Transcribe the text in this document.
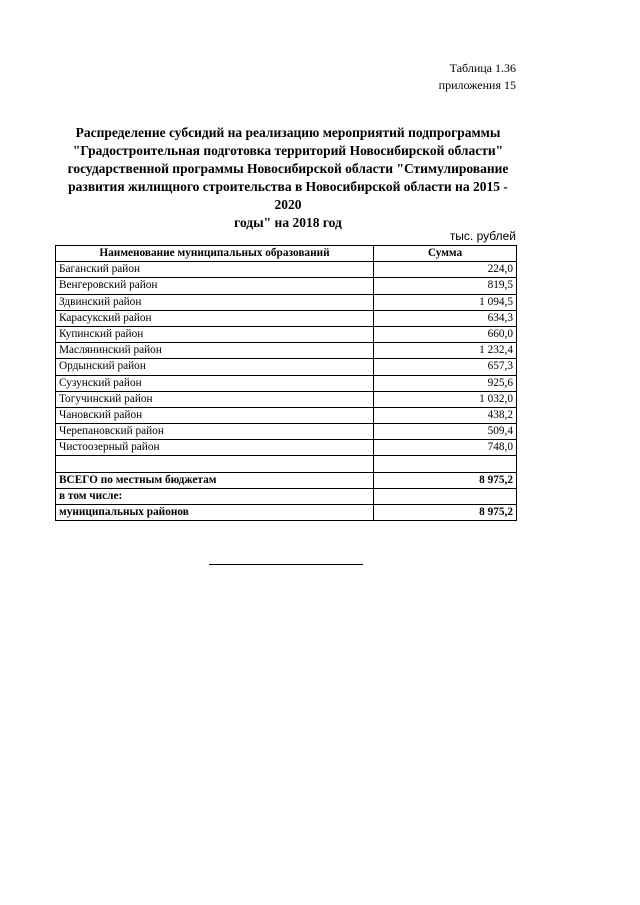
Таблица 1.36
приложения 15
Распределение субсидий на реализацию мероприятий подпрограммы
"Градостроительная подготовка территорий Новосибирской области"
государственной программы Новосибирской области "Стимулирование
развития жилищного строительства в Новосибирской области на 2015 - 2020
годы" на 2018 год
тыс. рублей
Наименование муниципальных образований	Сумма
Баганский район	224,0
Венгеровский район	819,5
Здвинский район	1 094,5
Карасукский район	634,3
Купинский район	660,0
Маслянинский район	1 232,4
Ордынский район	657,3
Сузунский район	925,6
Тогучинский район	1 032,0
Чановский район	438,2
Черепановский район	509,4
Чистоозерный район	748,0

ВСЕГО по местным бюджетам	8 975,2
в том числе:	
муниципальных районов	8 975,2
